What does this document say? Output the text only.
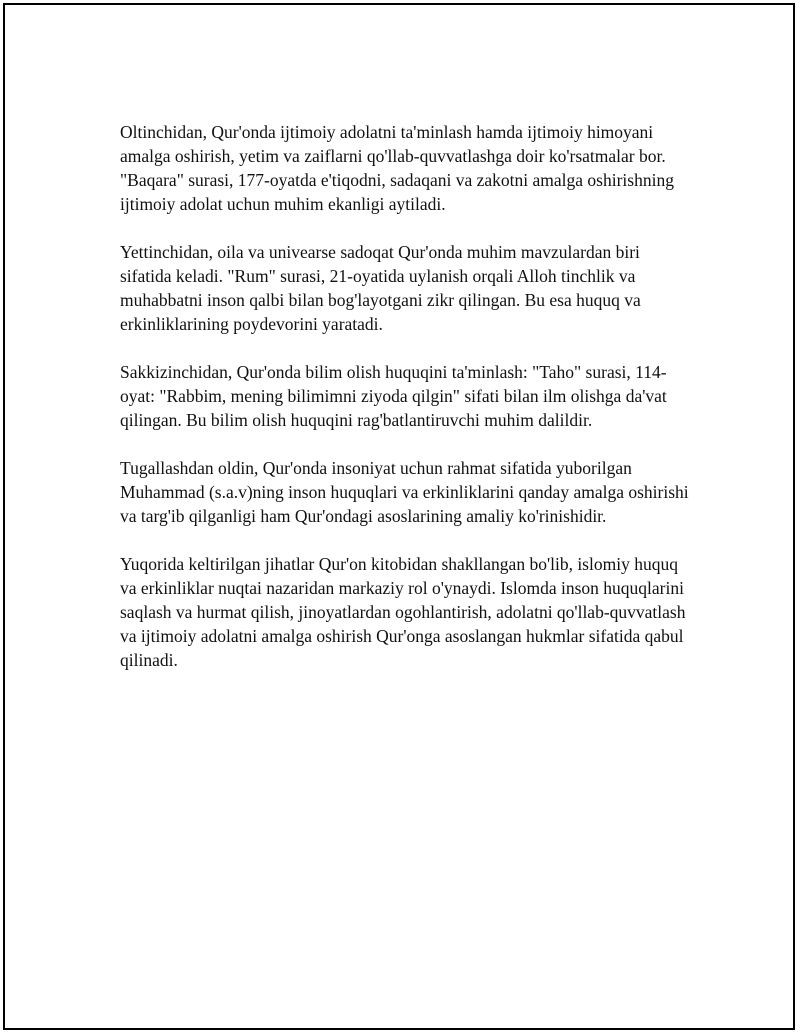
Oltinchidan, Qur'onda ijtimoiy adolatni ta'minlash hamda ijtimoiy himoyani amalga oshirish, yetim va zaiflarni qo'llab-quvvatlashga doir ko'rsatmalar bor. "Baqara" surasi, 177-oyatda e'tiqodni, sadaqani va zakotni amalga oshirishning ijtimoiy adolat uchun muhim ekanligi aytiladi.

Yettinchidan, oila va univearse sadoqat Qur'onda muhim mavzulardan biri sifatida keladi. "Rum" surasi, 21-oyatida uylanish orqali Alloh tinchlik va muhabbatni inson qalbi bilan bog'layotgani zikr qilingan. Bu esa huquq va erkinliklarining poydevorini yaratadi.

Sakkizinchidan, Qur'onda bilim olish huquqini ta'minlash: "Taho" surasi, 114-oyat: "Rabbim, mening bilimimni ziyoda qilgin" sifati bilan ilm olishga da'vat qilingan. Bu bilim olish huquqini rag'batlantiruvchi muhim dalildir.

Tugallashdan oldin, Qur'onda insoniyat uchun rahmat sifatida yuborilgan Muhammad (s.a.v)ning inson huquqlari va erkinliklarini qanday amalga oshirishi va targ'ib qilganligi ham Qur'ondagi asoslarining amaliy ko'rinishidir.

Yuqorida keltirilgan jihatlar Qur'on kitobidan shakllangan bo'lib, islomiy huquq va erkinliklar nuqtai nazaridan markaziy rol o'ynaydi. Islomda inson huquqlarini saqlash va hurmat qilish, jinoyatlardan ogohlantirish, adolatni qo'llab-quvvatlash va ijtimoiy adolatni amalga oshirish Qur'onga asoslangan hukmlar sifatida qabul qilinadi.
